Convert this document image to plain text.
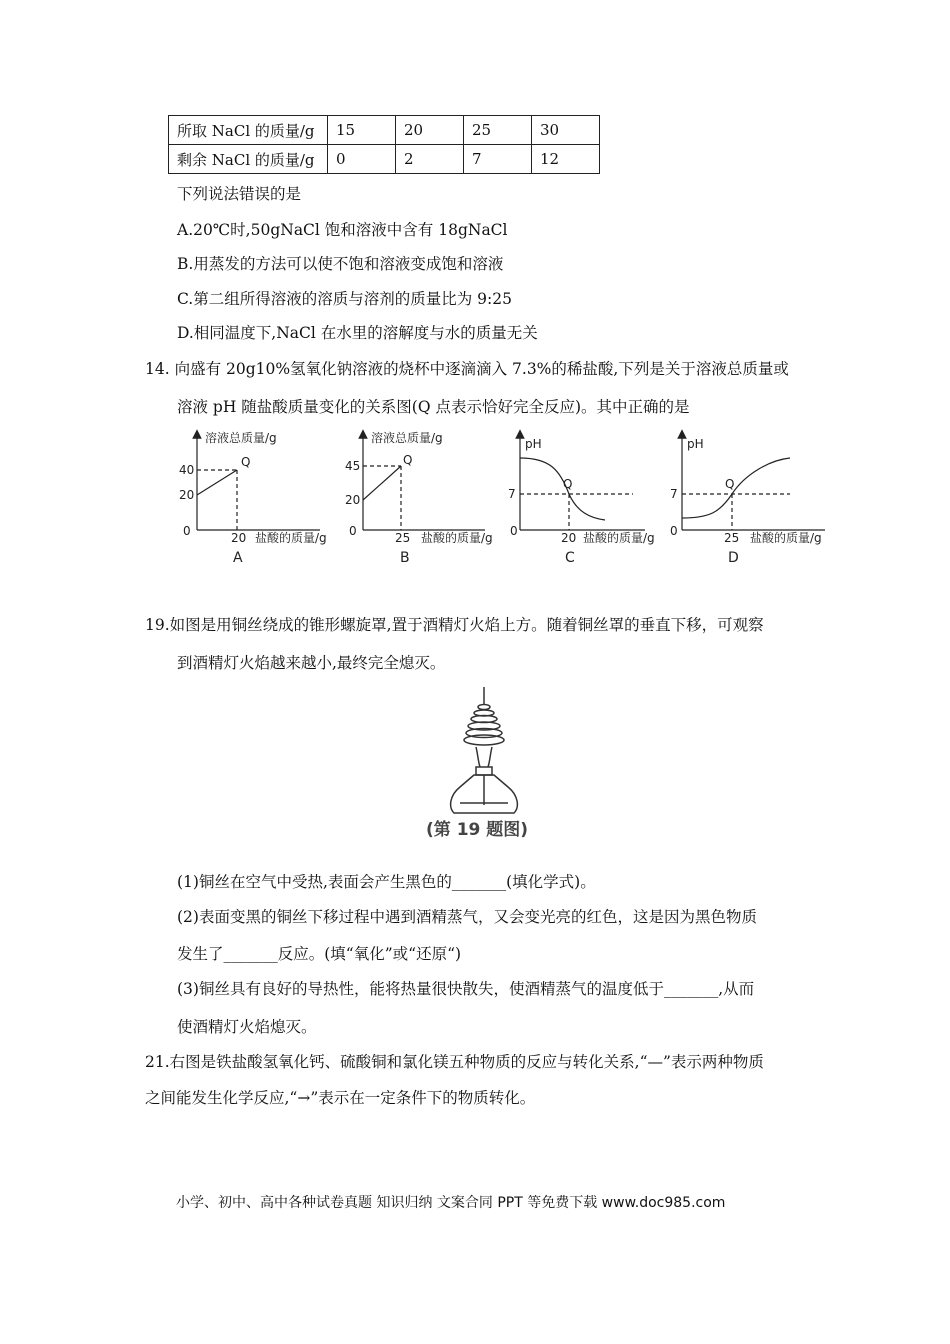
所取 NaCl 的质量/g	15	20	25	30
剩余 NaCl 的质量/g	0	2	7	12
下列说法错误的是
A.20℃时,50gNaCl 饱和溶液中含有 18gNaCl
B.用蒸发的方法可以使不饱和溶液变成饱和溶液
C.第二组所得溶液的溶质与溶剂的质量比为 9:25
D.相同温度下,NaCl 在水里的溶解度与水的质量无关
14. 向盛有 20g10%氢氧化钠溶液的烧杯中逐滴滴入 7.3%的稀盐酸,下列是关于溶液总质量或
溶液 pH 随盐酸质量变化的关系图(Q 点表示恰好完全反应)。其中正确的是
溶液总质量/g
40
20
0	20 盐酸的质量/g
Q
A
溶液总质量/g
45
20
0	25 盐酸的质量/g
Q
B
pH
7
0	20 盐酸的质量/g
Q
C
pH
7
0	25 盐酸的质量/g
Q
D
19.如图是用铜丝绕成的锥形螺旋罩,置于酒精灯火焰上方。随着铜丝罩的垂直下移，可观察
到酒精灯火焰越来越小,最终完全熄灭。
(第 19 题图)
(1)铜丝在空气中受热,表面会产生黑色的_______(填化学式)。
(2)表面变黑的铜丝下移过程中遇到酒精蒸气，又会变光亮的红色，这是因为黑色物质
发生了_______反应。(填“氧化”或“还原“)
(3)铜丝具有良好的导热性，能将热量很快散失，使酒精蒸气的温度低于_______,从而
使酒精灯火焰熄灭。
21.右图是铁盐酸氢氧化钙、硫酸铜和氯化镁五种物质的反应与转化关系,“—”表示两种物质
之间能发生化学反应,“→”表示在一定条件下的物质转化。
小学、初中、高中各种试卷真题 知识归纳 文案合同 PPT 等免费下载 www.doc985.com
